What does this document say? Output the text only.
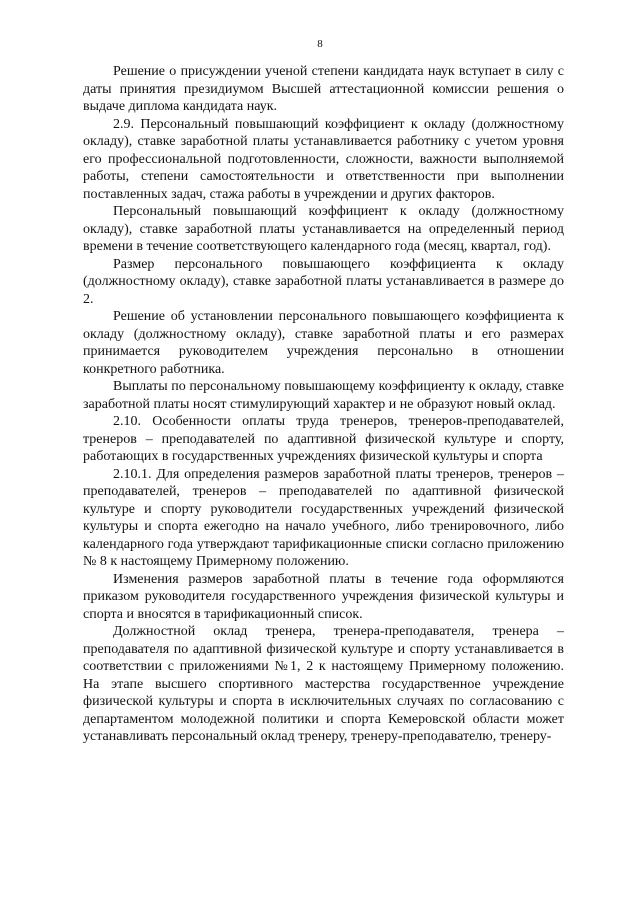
8

Решение о присуждении ученой степени кандидата наук вступает в силу с даты принятия президиумом Высшей аттестационной комиссии решения о выдаче диплома кандидата наук.

2.9. Персональный повышающий коэффициент к окладу (должностному окладу), ставке заработной платы устанавливается работнику с учетом уровня его профессиональной подготовленности, сложности, важности выполняемой работы, степени самостоятельности и ответственности при выполнении поставленных задач, стажа работы в учреждении и других факторов.

Персональный повышающий коэффициент к окладу (должностному окладу), ставке заработной платы устанавливается на определенный период времени в течение соответствующего календарного года (месяц, квартал, год).

Размер персонального повышающего коэффициента к окладу (должностному окладу), ставке заработной платы устанавливается в размере до 2.

Решение об установлении персонального повышающего коэффициента к окладу (должностному окладу), ставке заработной платы и его размерах принимается руководителем учреждения персонально в отношении конкретного работника.

Выплаты по персональному повышающему коэффициенту к окладу, ставке заработной платы носят стимулирующий характер и не образуют новый оклад.

2.10. Особенности оплаты труда тренеров, тренеров-преподавателей, тренеров – преподавателей по адаптивной физической культуре и спорту, работающих в государственных учреждениях физической культуры и спорта

2.10.1. Для определения размеров заработной платы тренеров, тренеров – преподавателей, тренеров – преподавателей по адаптивной физической культуре и спорту руководители государственных учреждений физической культуры и спорта ежегодно на начало учебного, либо тренировочного, либо календарного года утверждают тарификационные списки согласно приложению № 8 к настоящему Примерному положению.

Изменения размеров заработной платы в течение года оформляются приказом руководителя государственного учреждения физической культуры и спорта и вносятся в тарификационный список.

Должностной оклад тренера, тренера-преподавателя, тренера – преподавателя по адаптивной физической культуре и спорту устанавливается в соответствии с приложениями №1, 2 к настоящему Примерному положению. На этапе высшего спортивного мастерства государственное учреждение физической культуры и спорта в исключительных случаях по согласованию с департаментом молодежной политики и спорта Кемеровской области может устанавливать персональный оклад тренеру, тренеру-преподавателю, тренеру-
